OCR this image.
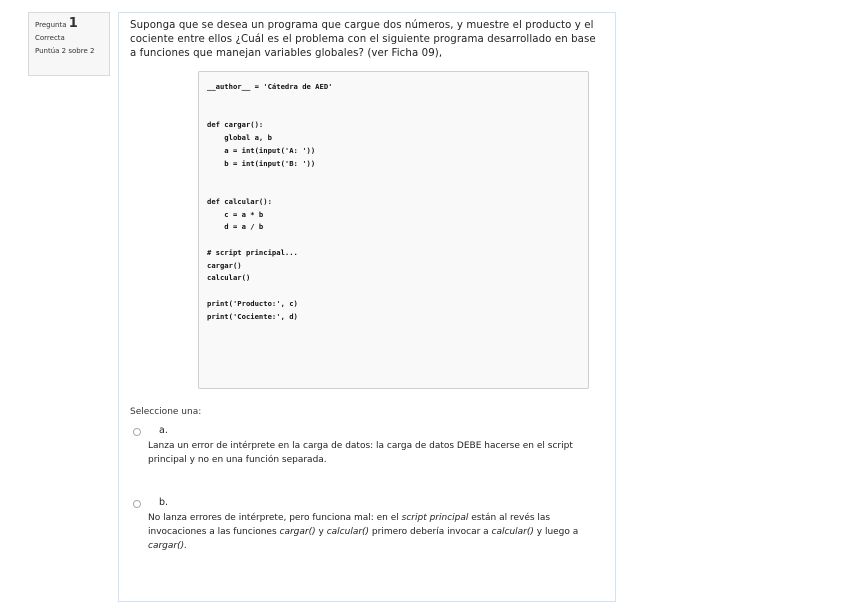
Pregunta 1
Correcta
Puntúa 2 sobre 2
Suponga que se desea un programa que cargue dos números, y muestre el producto y el cociente entre ellos ¿Cuál es el problema con el siguiente programa desarrollado en base a funciones que manejan variables globales? (ver Ficha 09),
__author__ = 'Cátedra de AED'

def cargar():
global a, b
a = int(input('A: '))
b = int(input('B: '))

def calcular():
c = a * b
d = a / b

# script principal...
cargar()
calcular()

print('Producto:', c)
print('Cociente:', d)
Seleccione una:
a.
Lanza un error de intérprete en la carga de datos: la carga de datos DEBE hacerse en el script principal y no en una función separada.
b.
No lanza errores de intérprete, pero funciona mal: en el script principal están al revés las invocaciones a las funciones cargar() y calcular() primero debería invocar a calcular() y luego a cargar().
